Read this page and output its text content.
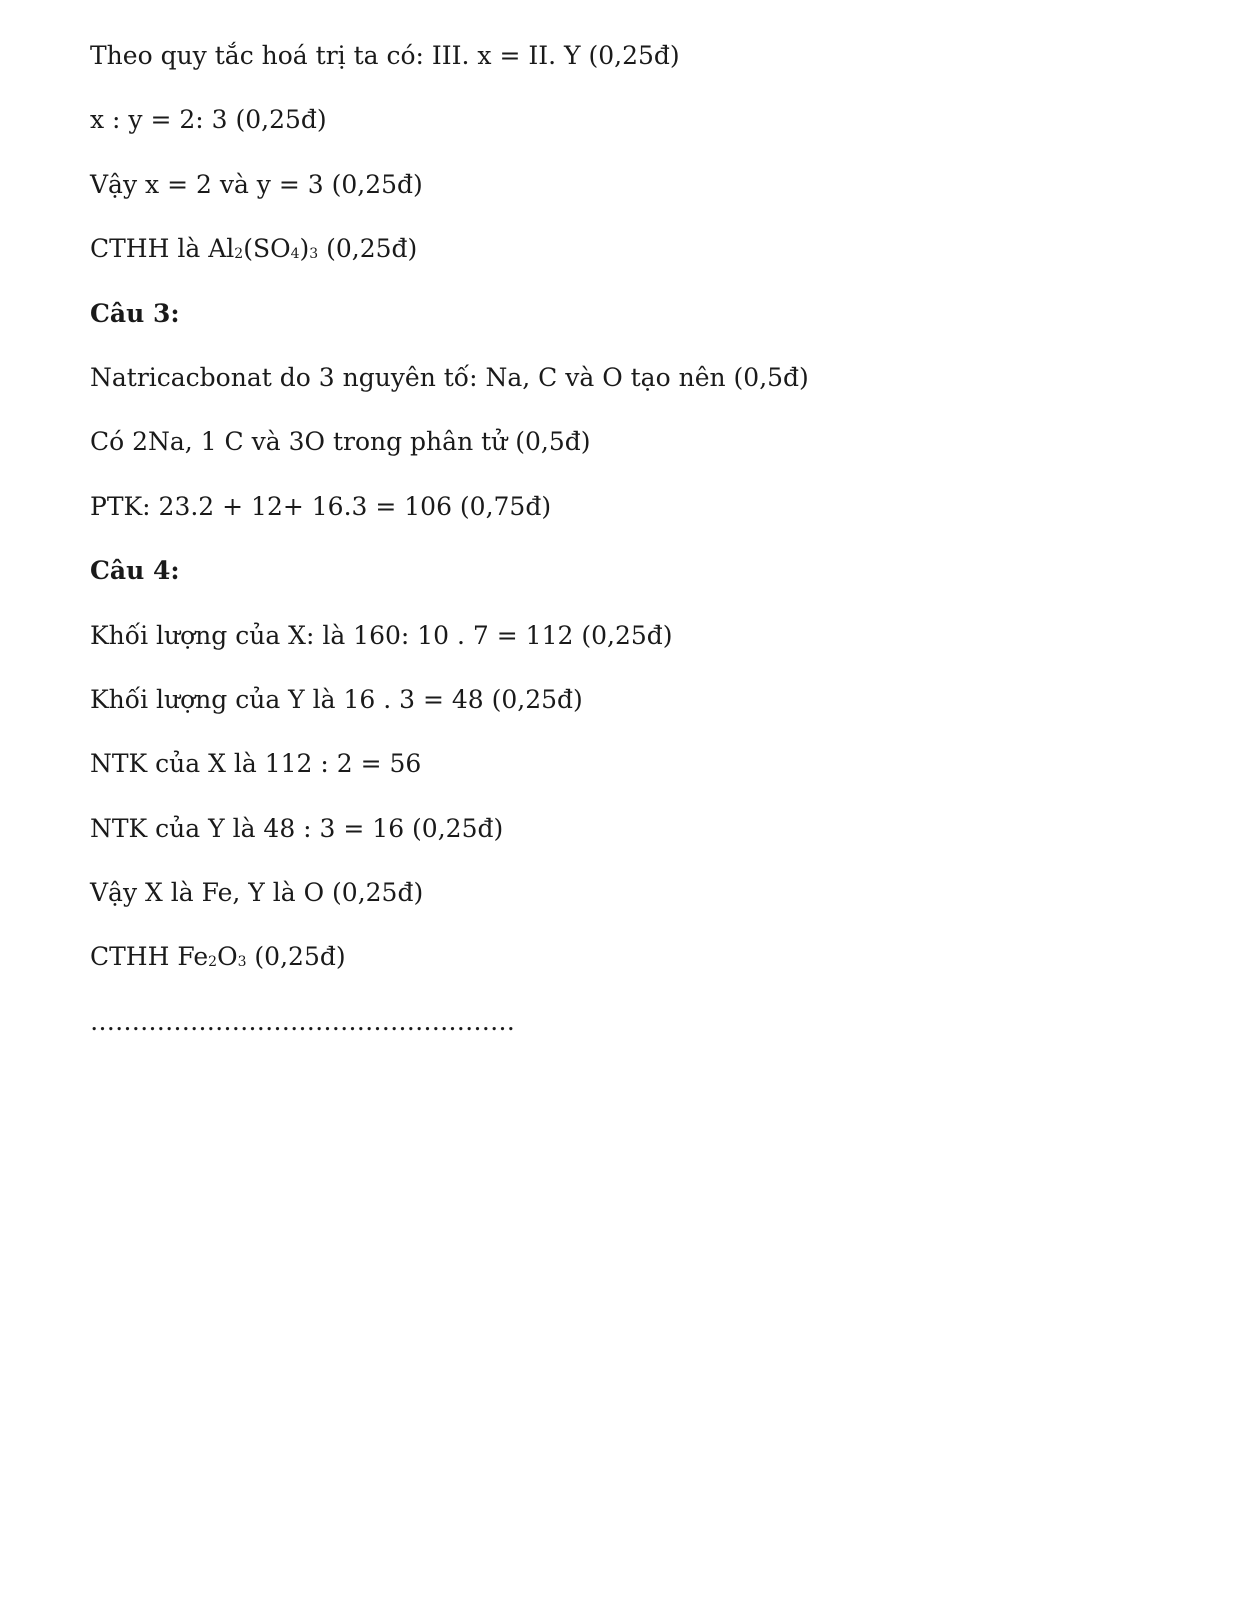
Theo quy tắc hoá trị ta có: III. x = II. Y (0,25đ)
x : y = 2: 3 (0,25đ)
Vậy x = 2 và y = 3 (0,25đ)
CTHH là $Al_2(SO_4)_3$ (0,25đ)
Câu 3:
Natricacbonat do 3 nguyên tố: Na, C và O tạo nên (0,5đ)
Có 2Na, 1 C và 3O trong phân tử (0,5đ)
PTK: 23.2 + 12+ 16.3 = 106 (0,75đ)
Câu 4:
Khối lượng của X: là 160: 10 . 7 = 112 (0,25đ)
Khối lượng của Y là 16 . 3 = 48 (0,25đ)
NTK của X là 112 : 2 = 56
NTK của Y là 48 : 3 = 16 (0,25đ)
Vậy X là Fe, Y là O (0,25đ)
CTHH $Fe_2O_3$ (0,25đ)
……………………………………………
